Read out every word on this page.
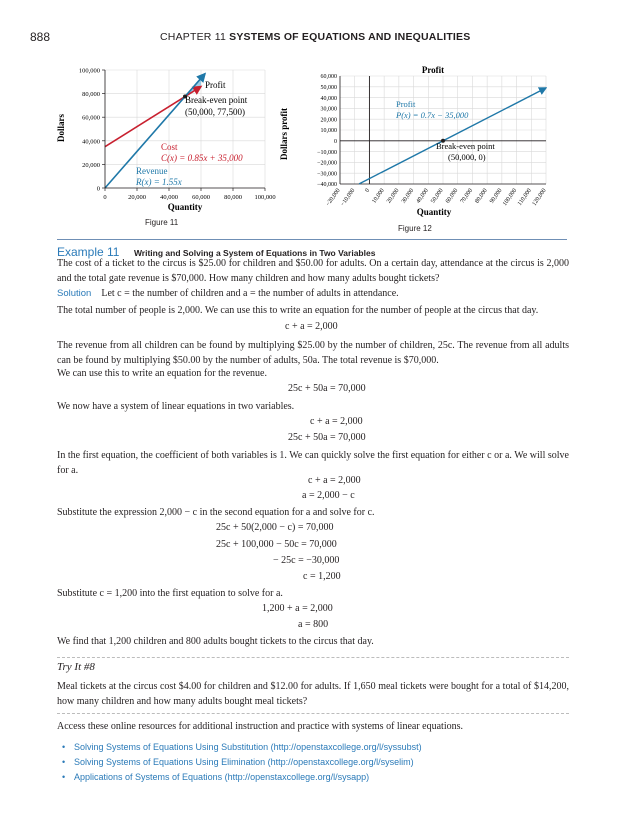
888	CHAPTER 11 SYSTEMS OF EQUATIONS AND INEQUALITIES
0
20,000
40,000
60,000
80,000
100,000
0	20,000 40,000 60,000 80,000 100,000
Profit
Break-even point
(50,000, 77,500)
Cost
C(x) = 0.85x + 35,000
Revenue
R(x) = 1.55x
Quantity
Dollars
Figure 11
Profit
60,000
50,000
40,000
30,000
20,000
10,000
0
−10,000
−20,000
−30,000
−40,000
−20,000
−10,000 0 10,000 20,000 30,000 40,000 50,000 60,000 70,000 80,000 90,000
100,000
110,000
120,000
Profit
P(x) = 0.7x − 35,000
Break-even point
(50,000, 0)
Quantity
Dollars profit
Figure 12
Example 11 Writing and Solving a System of Equations in Two Variables
The cost of a ticket to the circus is $25.00 for children and $50.00 for adults. On a certain day, attendance at the circus is 2,000 and the total gate revenue is $70,000. How many children and how many adults bought tickets?
Solution Let c = the number of children and a = the number of adults in attendance.
The total number of people is 2,000. We can use this to write an equation for the number of people at the circus that day.
c + a = 2,000
The revenue from all children can be found by multiplying $25.00 by the number of children, 25c. The revenue from all adults can be found by multiplying $50.00 by the number of adults, 50a. The total revenue is $70,000.
We can use this to write an equation for the revenue.
25c + 50a = 70,000
We now have a system of linear equations in two variables.
c + a = 2,000
25c + 50a = 70,000
In the first equation, the coefficient of both variables is 1. We can quickly solve the first equation for either c or a. We will solve for a.
c + a = 2,000
a = 2,000 − c
Substitute the expression 2,000 − c in the second equation for a and solve for c.
25c + 50(2,000 − c) = 70,000
25c + 100,000 − 50c = 70,000
− 25c = −30,000
c = 1,200
Substitute c = 1,200 into the first equation to solve for a.
1,200 + a = 2,000
a = 800
We find that 1,200 children and 800 adults bought tickets to the circus that day.
Try It #8
Meal tickets at the circus cost $4.00 for children and $12.00 for adults. If 1,650 meal tickets were bought for a total of $14,200, how many children and how many adults bought meal tickets?
Access these online resources for additional instruction and practice with systems of linear equations.
• Solving Systems of Equations Using Substitution (http://openstaxcollege.org/l/syssubst)
• Solving Systems of Equations Using Elimination (http://openstaxcollege.org/l/syselim)
• Applications of Systems of Equations (http://openstaxcollege.org/l/sysapp)
